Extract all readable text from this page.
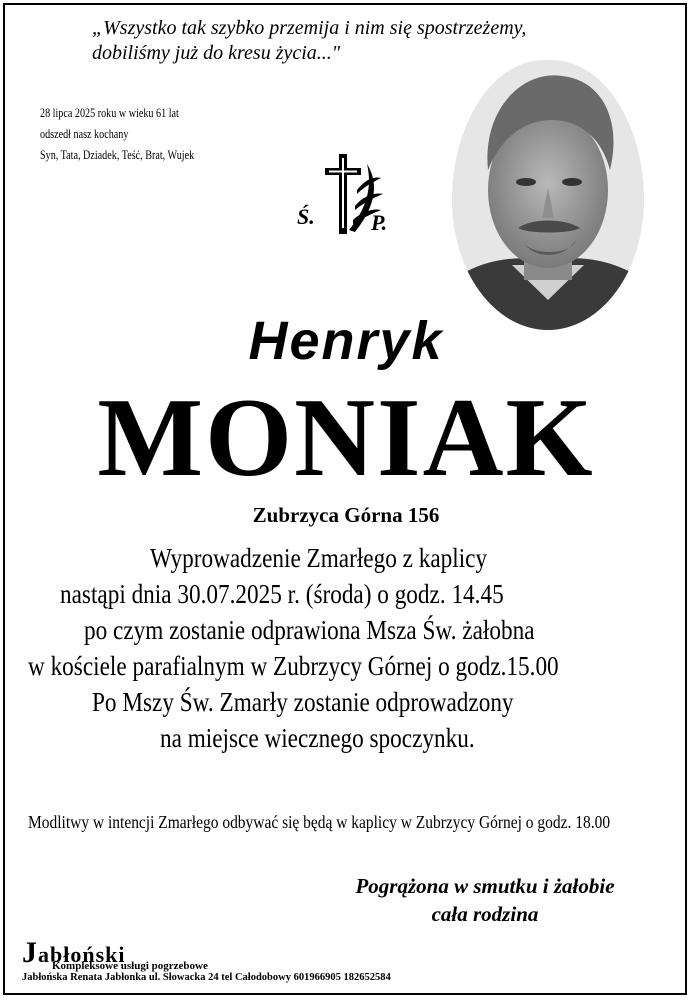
„Wszystko tak szybko przemija i nim się spostrzeżemy,
dobiliśmy już do kresu życia..."
28 lipca 2025 roku w wieku 61 lat
odszedł nasz kochany
Syn, Tata, Dziadek, Teść, Brat, Wujek
Ś.	P.
Henryk
MONIAK
Zubrzyca Górna 156
Wyprowadzenie Zmarłego z kaplicy
nastąpi dnia 30.07.2025 r. (środa) o godz. 14.45
po czym zostanie odprawiona Msza Św. żałobna
w kościele parafialnym w Zubrzycy Górnej o godz.15.00
Po Mszy Św. Zmarły zostanie odprowadzony
na miejsce wiecznego spoczynku.
Modlitwy w intencji Zmarłego odbywać się będą w kaplicy w Zubrzycy Górnej o godz. 18.00
Pogrążona w smutku i żałobie
cała rodzina
Jabłoński
Kompleksowe usługi pogrzebowe
Jabłońska Renata Jabłonka ul. Słowacka 24 tel Całodobowy 601966905 182652584
